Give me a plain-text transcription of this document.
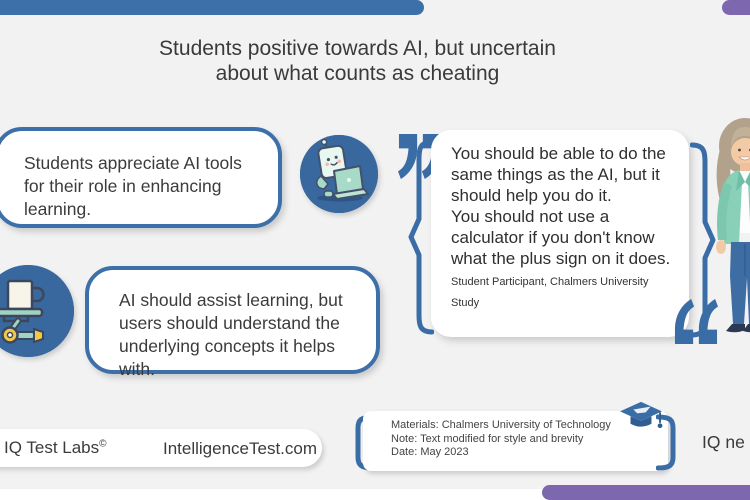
Students positive towards AI, but uncertain
about what counts as cheating
Students appreciate AI tools for their role in enhancing learning.

You should be able to do the same things as the AI, but it should help you do it.

You should not use a calculator if you don't know what the plus sign on it does.

Student Participant, Chalmers University Study
AI should assist learning, but users should understand the underlying concepts it helps with.
IQ Test Labs©	IntelligenceTest.com
Materials: Chalmers University of Technology
Note: Text modified for style and brevity
Date: May 2023	IQ ne
